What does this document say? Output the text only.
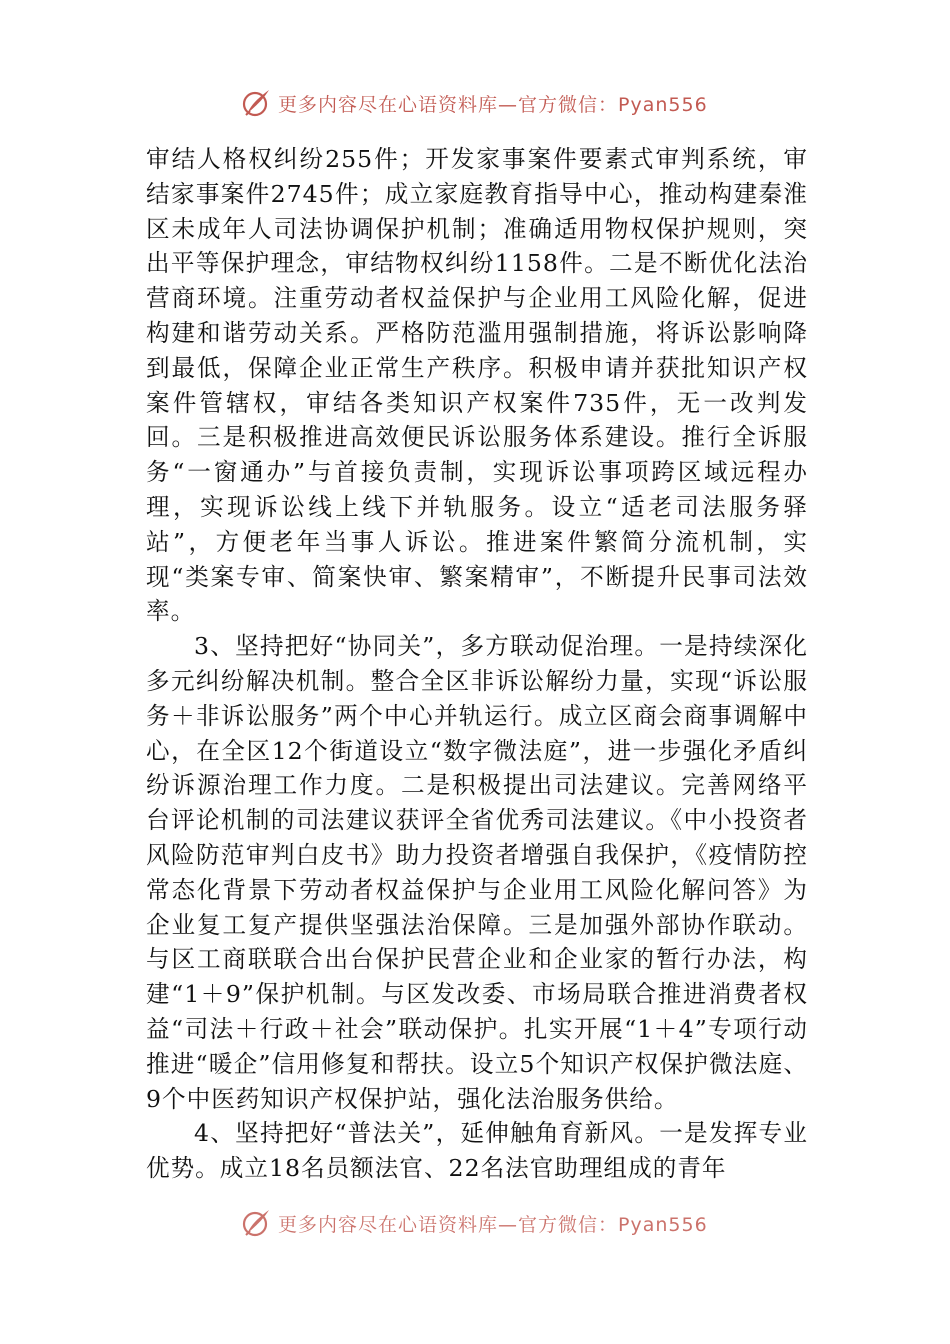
更多内容尽在心语资料库—官方微信：Pyan556

审结人格权纠纷255件；开发家事案件要素式审判系统，审结家事案件2745件；成立家庭教育指导中心，推动构建秦淮区未成年人司法协调保护机制；准确适用物权保护规则，突出平等保护理念，审结物权纠纷1158件。二是不断优化法治营商环境。注重劳动者权益保护与企业用工风险化解，促进构建和谐劳动关系。严格防范滥用强制措施，将诉讼影响降到最低，保障企业正常生产秩序。积极申请并获批知识产权案件管辖权，审结各类知识产权案件735件，无一改判发回。三是积极推进高效便民诉讼服务体系建设。推行全诉服务“一窗通办”与首接负责制，实现诉讼事项跨区域远程办理，实现诉讼线上线下并轨服务。设立“适老司法服务驿站”，方便老年当事人诉讼。推进案件繁简分流机制，实现“类案专审、简案快审、繁案精审”，不断提升民事司法效率。

3、坚持把好“协同关”，多方联动促治理。一是持续深化多元纠纷解决机制。整合全区非诉讼解纷力量，实现“诉讼服务＋非诉讼服务”两个中心并轨运行。成立区商会商事调解中心，在全区12个街道设立“数字微法庭”，进一步强化矛盾纠纷诉源治理工作力度。二是积极提出司法建议。完善网络平台评论机制的司法建议获评全省优秀司法建议。《中小投资者风险防范审判白皮书》助力投资者增强自我保护，《疫情防控常态化背景下劳动者权益保护与企业用工风险化解问答》为企业复工复产提供坚强法治保障。三是加强外部协作联动。与区工商联联合出台保护民营企业和企业家的暂行办法，构建“1＋9”保护机制。与区发改委、市场局联合推进消费者权益“司法＋行政＋社会”联动保护。扎实开展“1＋4”专项行动推进“暖企”信用修复和帮扶。设立5个知识产权保护微法庭、9个中医药知识产权保护站，强化法治服务供给。

4、坚持把好“普法关”，延伸触角育新风。一是发挥专业优势。成立18名员额法官、22名法官助理组成的青年

更多内容尽在心语资料库—官方微信：Pyan556
